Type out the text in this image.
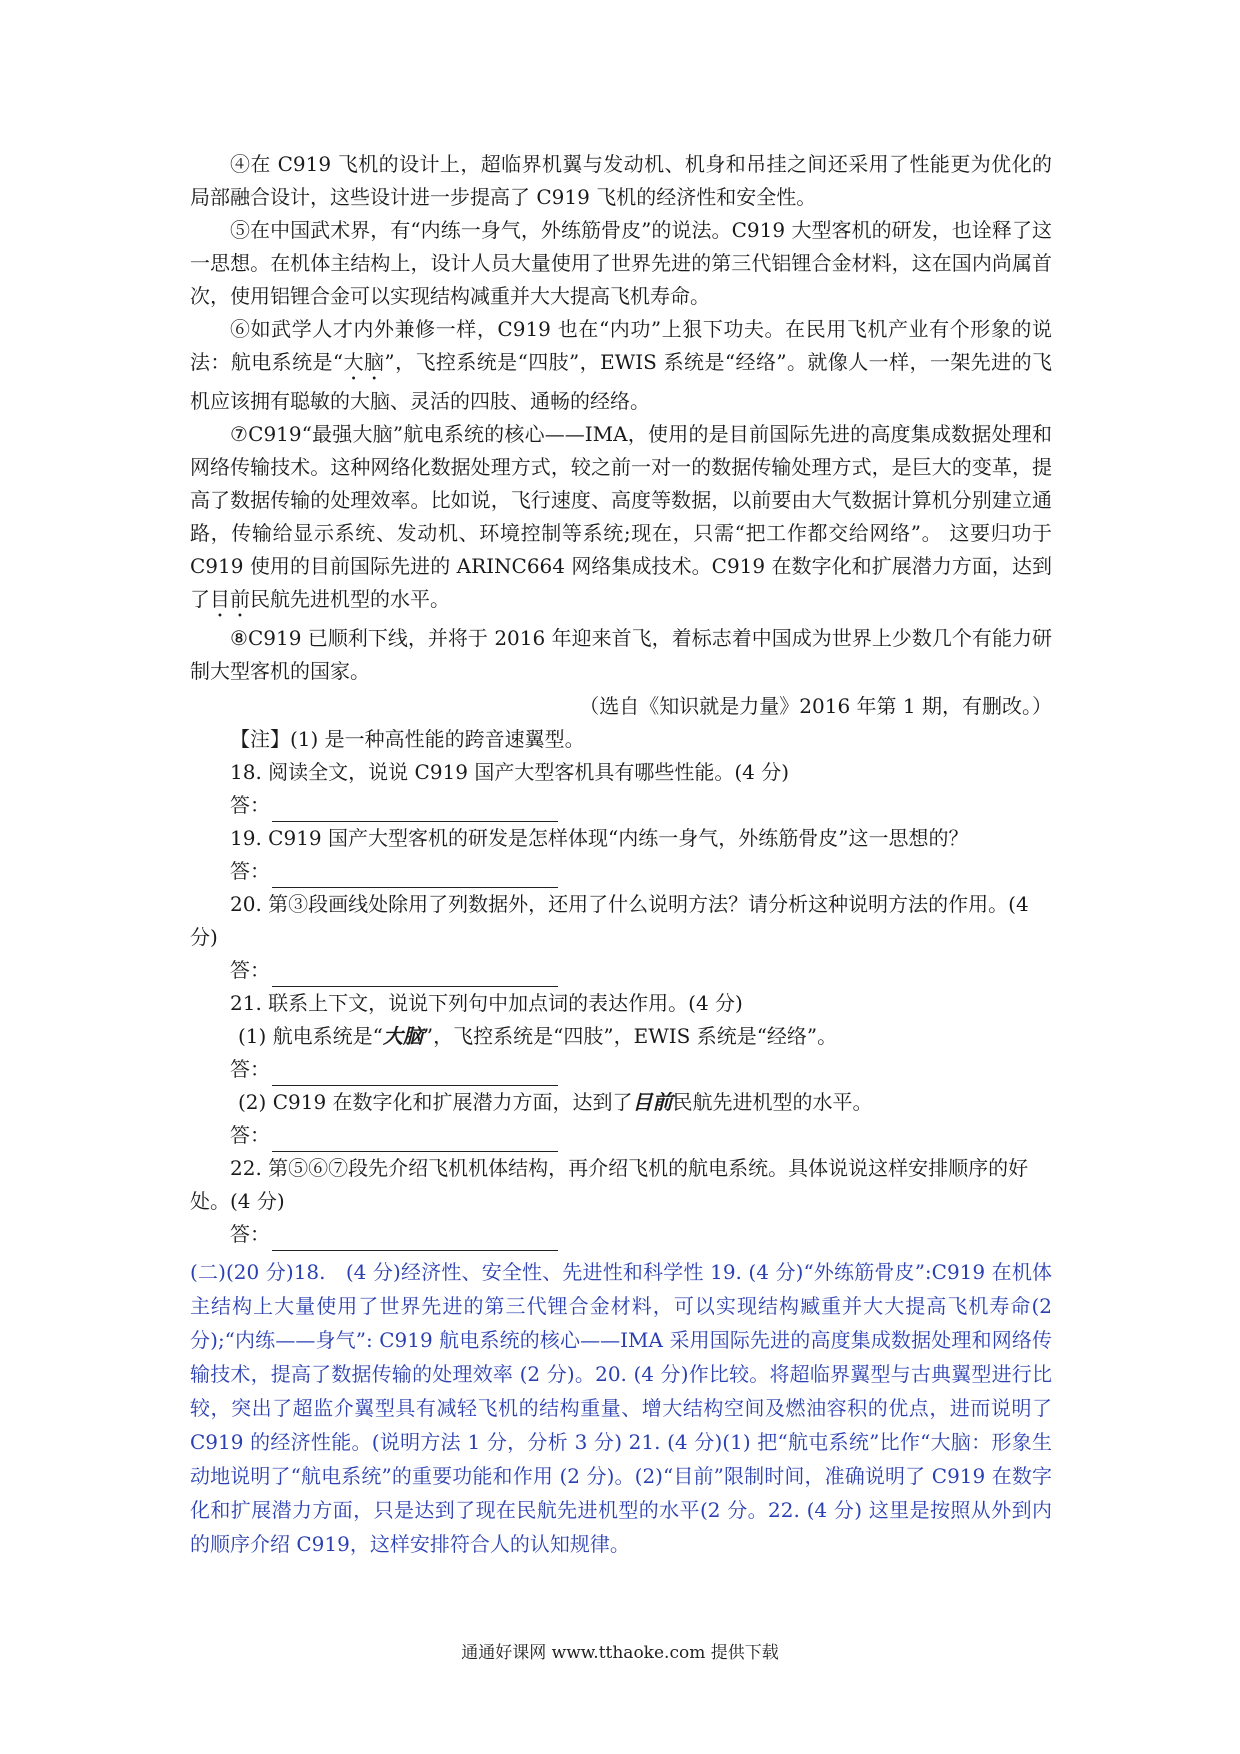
④在 C919 飞机的设计上，超临界机翼与发动机、机身和吊挂之间还采用了性能更为优化的局部融合设计，这些设计进一步提高了 C919 飞机的经济性和安全性。

⑤在中国武术界，有“内练一身气，外练筋骨皮”的说法。C919 大型客机的研发，也诠释了这一思想。在机体主结构上，设计人员大量使用了世界先进的第三代铝锂合金材料，这在国内尚属首次，使用铝锂合金可以实现结构减重并大大提高飞机寿命。

⑥如武学人才内外兼修一样，C919 也在“内功”上狠下功夫。在民用飞机产业有个形象的说法：航电系统是“大脑”，飞控系统是“四肢”，EWIS 系统是“经络”。就像人一样，一架先进的飞机应该拥有聪敏的大脑、灵活的四肢、通畅的经络。

⑦C919“最强大脑”航电系统的核心——IMA，使用的是目前国际先进的高度集成数据处理和网络传输技术。这种网络化数据处理方式，较之前一对一的数据传输处理方式，是巨大的变革，提高了数据传输的处理效率。比如说，飞行速度、高度等数据，以前要由大气数据计算机分别建立通路，传输给显示系统、发动机、环境控制等系统;现在，只需“把工作都交给网络”。 这要归功于 C919 使用的目前国际先进的 ARINC664 网络集成技术。C919 在数字化和扩展潜力方面，达到了目前民航先进机型的水平。

⑧C919 已顺利下线，并将于 2016 年迎来首飞，着标志着中国成为世界上少数几个有能力研制大型客机的国家。

（选自《知识就是力量》2016 年第 1 期，有删改。）

【注】(1) 是一种高性能的跨音速翼型。

18. 阅读全文，说说 C919 国产大型客机具有哪些性能。(4 分)

答：

19. C919 国产大型客机的研发是怎样体现“内练一身气，外练筋骨皮”这一思想的？

答：

20. 第③段画线处除用了列数据外，还用了什么说明方法？请分析这种说明方法的作用。(4 分)

答：

21. 联系上下文，说说下列句中加点词的表达作用。(4 分)

(1) 航电系统是“大脑”，飞控系统是“四肢”，EWIS 系统是“经络”。

答：

(2) C919 在数字化和扩展潜力方面，达到了目前民航先进机型的水平。

答：

22. 第⑤⑥⑦段先介绍飞机机体结构，再介绍飞机的航电系统。具体说说这样安排顺序的好处。(4 分)

答：

(二)(20 分)18.　(4 分)经济性、安全性、先进性和科学性 19. (4 分)“外练筋骨皮”:C919 在机体主结构上大量使用了世界先进的第三代锂合金材料，可以实现结构臧重并大大提高飞机寿命(2 分);“内练——身气”: C919 航电系统的核心——IMA 采用国际先进的高度集成数据处理和网络传输技术，提高了数据传输的处理效率 (2 分)。20. (4 分)作比较。将超临界翼型与古典翼型进行比较，突出了超监介翼型具有减轻飞机的结构重量、增大结构空间及燃油容积的优点，进而说明了 C919 的经济性能。(说明方法 1 分，分析 3 分) 21. (4 分)(1) 把“航屯系统”比作“大脑：形象生动地说明了“航电系统”的重要功能和作用 (2 分)。(2)“目前”限制时间，准确说明了 C919 在数字化和扩展潜力方面，只是达到了现在民航先进机型的水平(2 分。22. (4 分) 这里是按照从外到内的顺序介绍 C919，这样安排符合人的认知规律。

通通好课网 www.tthaoke.com 提供下载
